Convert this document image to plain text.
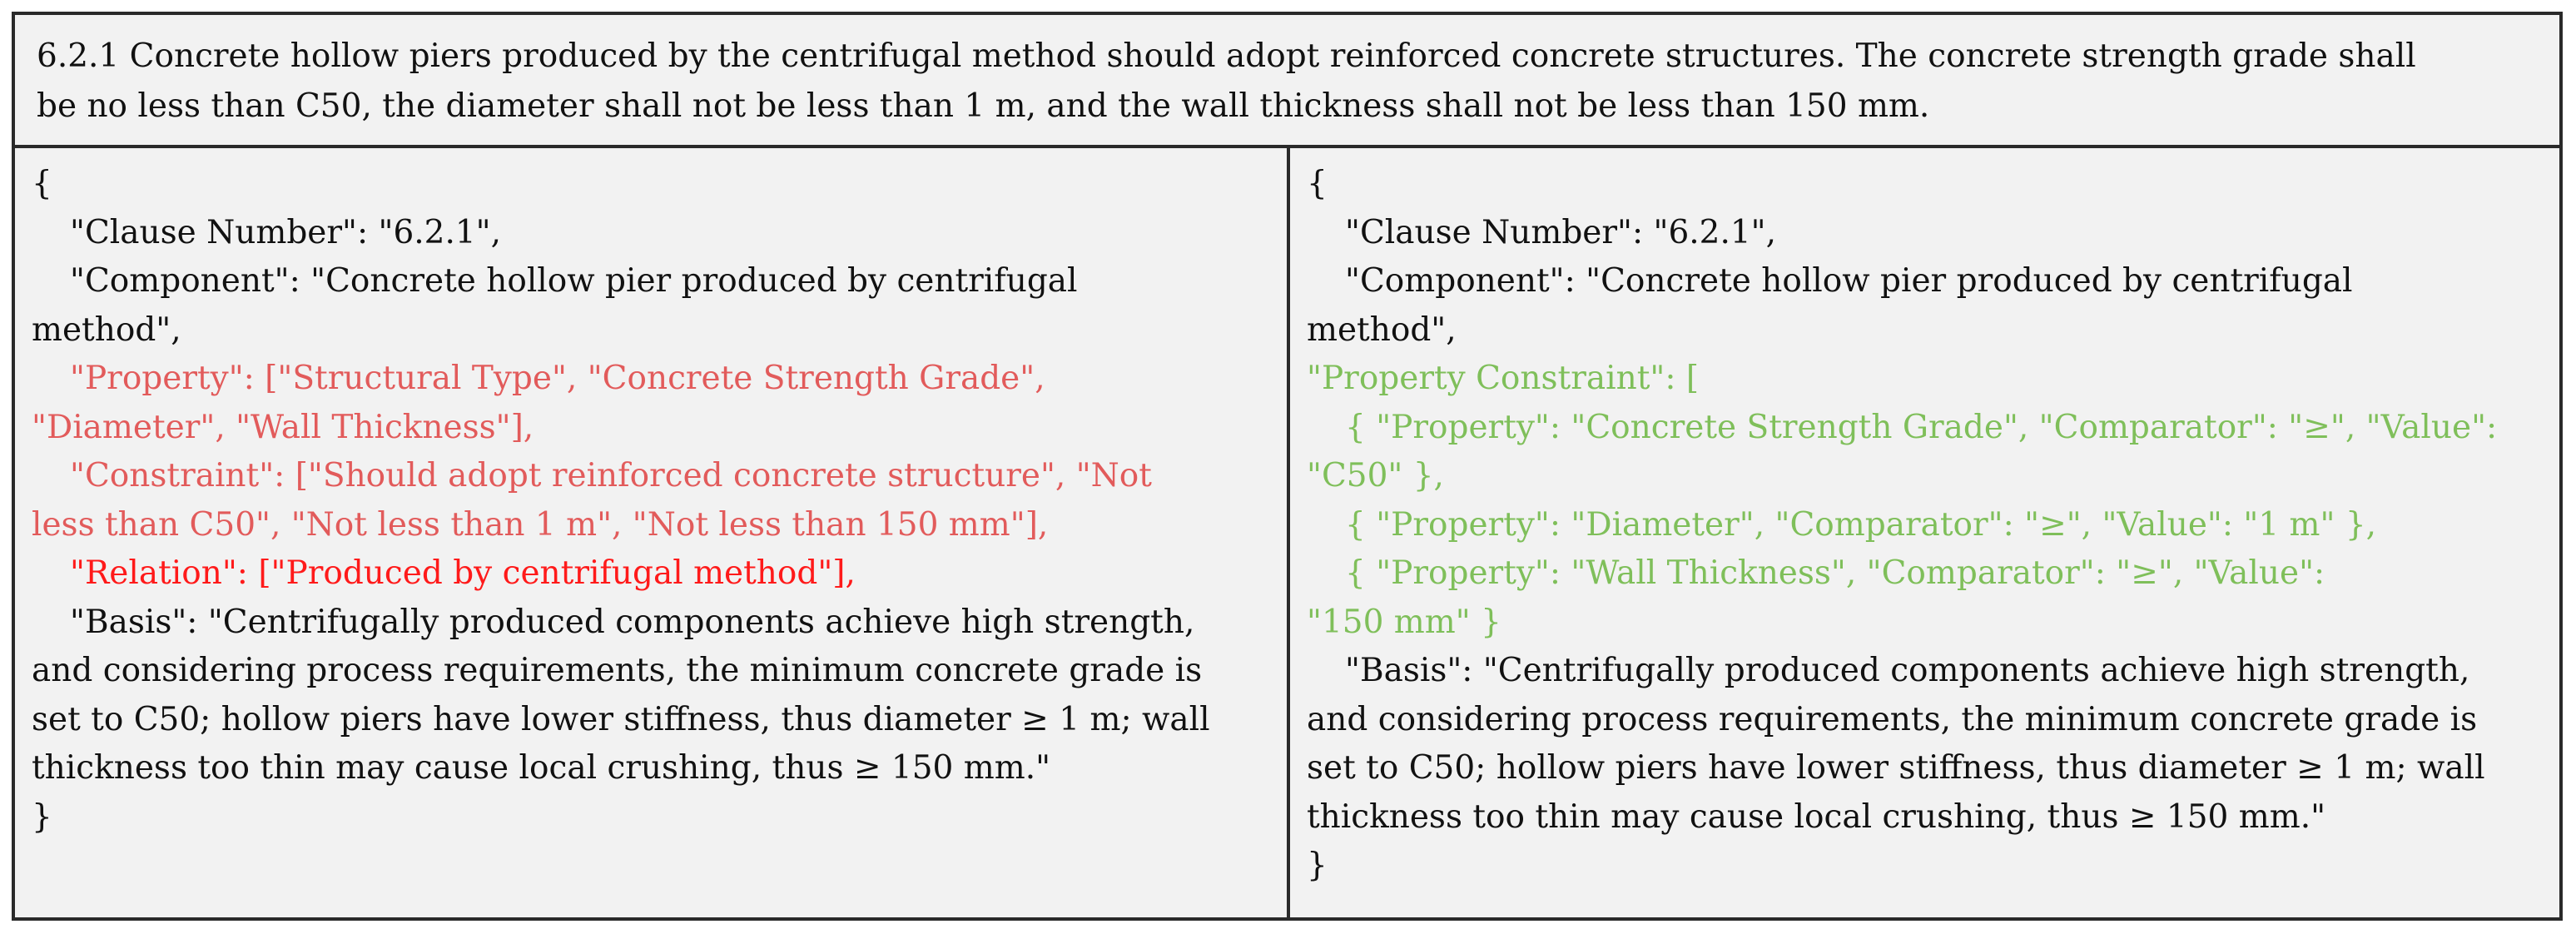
6.2.1 Concrete hollow piers produced by the centrifugal method should adopt reinforced concrete structures. The concrete strength grade shall
be no less than C50, the diameter shall not be less than 1 m, and the wall thickness shall not be less than 150 mm.
{
"Clause Number": "6.2.1",
"Component": "Concrete hollow pier produced by centrifugal
method",
"Property": ["Structural Type", "Concrete Strength Grade",
"Diameter", "Wall Thickness"],
"Constraint": ["Should adopt reinforced concrete structure", "Not
less than C50", "Not less than 1 m", "Not less than 150 mm"],
"Relation": ["Produced by centrifugal method"],
"Basis": "Centrifugally produced components achieve high strength,
and considering process requirements, the minimum concrete grade is
set to C50; hollow piers have lower stiffness, thus diameter ≥ 1 m; wall
thickness too thin may cause local crushing, thus ≥ 150 mm."
}
{
"Clause Number": "6.2.1",
"Component": "Concrete hollow pier produced by centrifugal
method",
"Property Constraint": [
{ "Property": "Concrete Strength Grade", "Comparator": "≥", "Value":
"C50" },
{ "Property": "Diameter", "Comparator": "≥", "Value": "1 m" },
{ "Property": "Wall Thickness", "Comparator": "≥", "Value":
"150 mm" }
"Basis": "Centrifugally produced components achieve high strength,
and considering process requirements, the minimum concrete grade is
set to C50; hollow piers have lower stiffness, thus diameter ≥ 1 m; wall
thickness too thin may cause local crushing, thus ≥ 150 mm."
}
